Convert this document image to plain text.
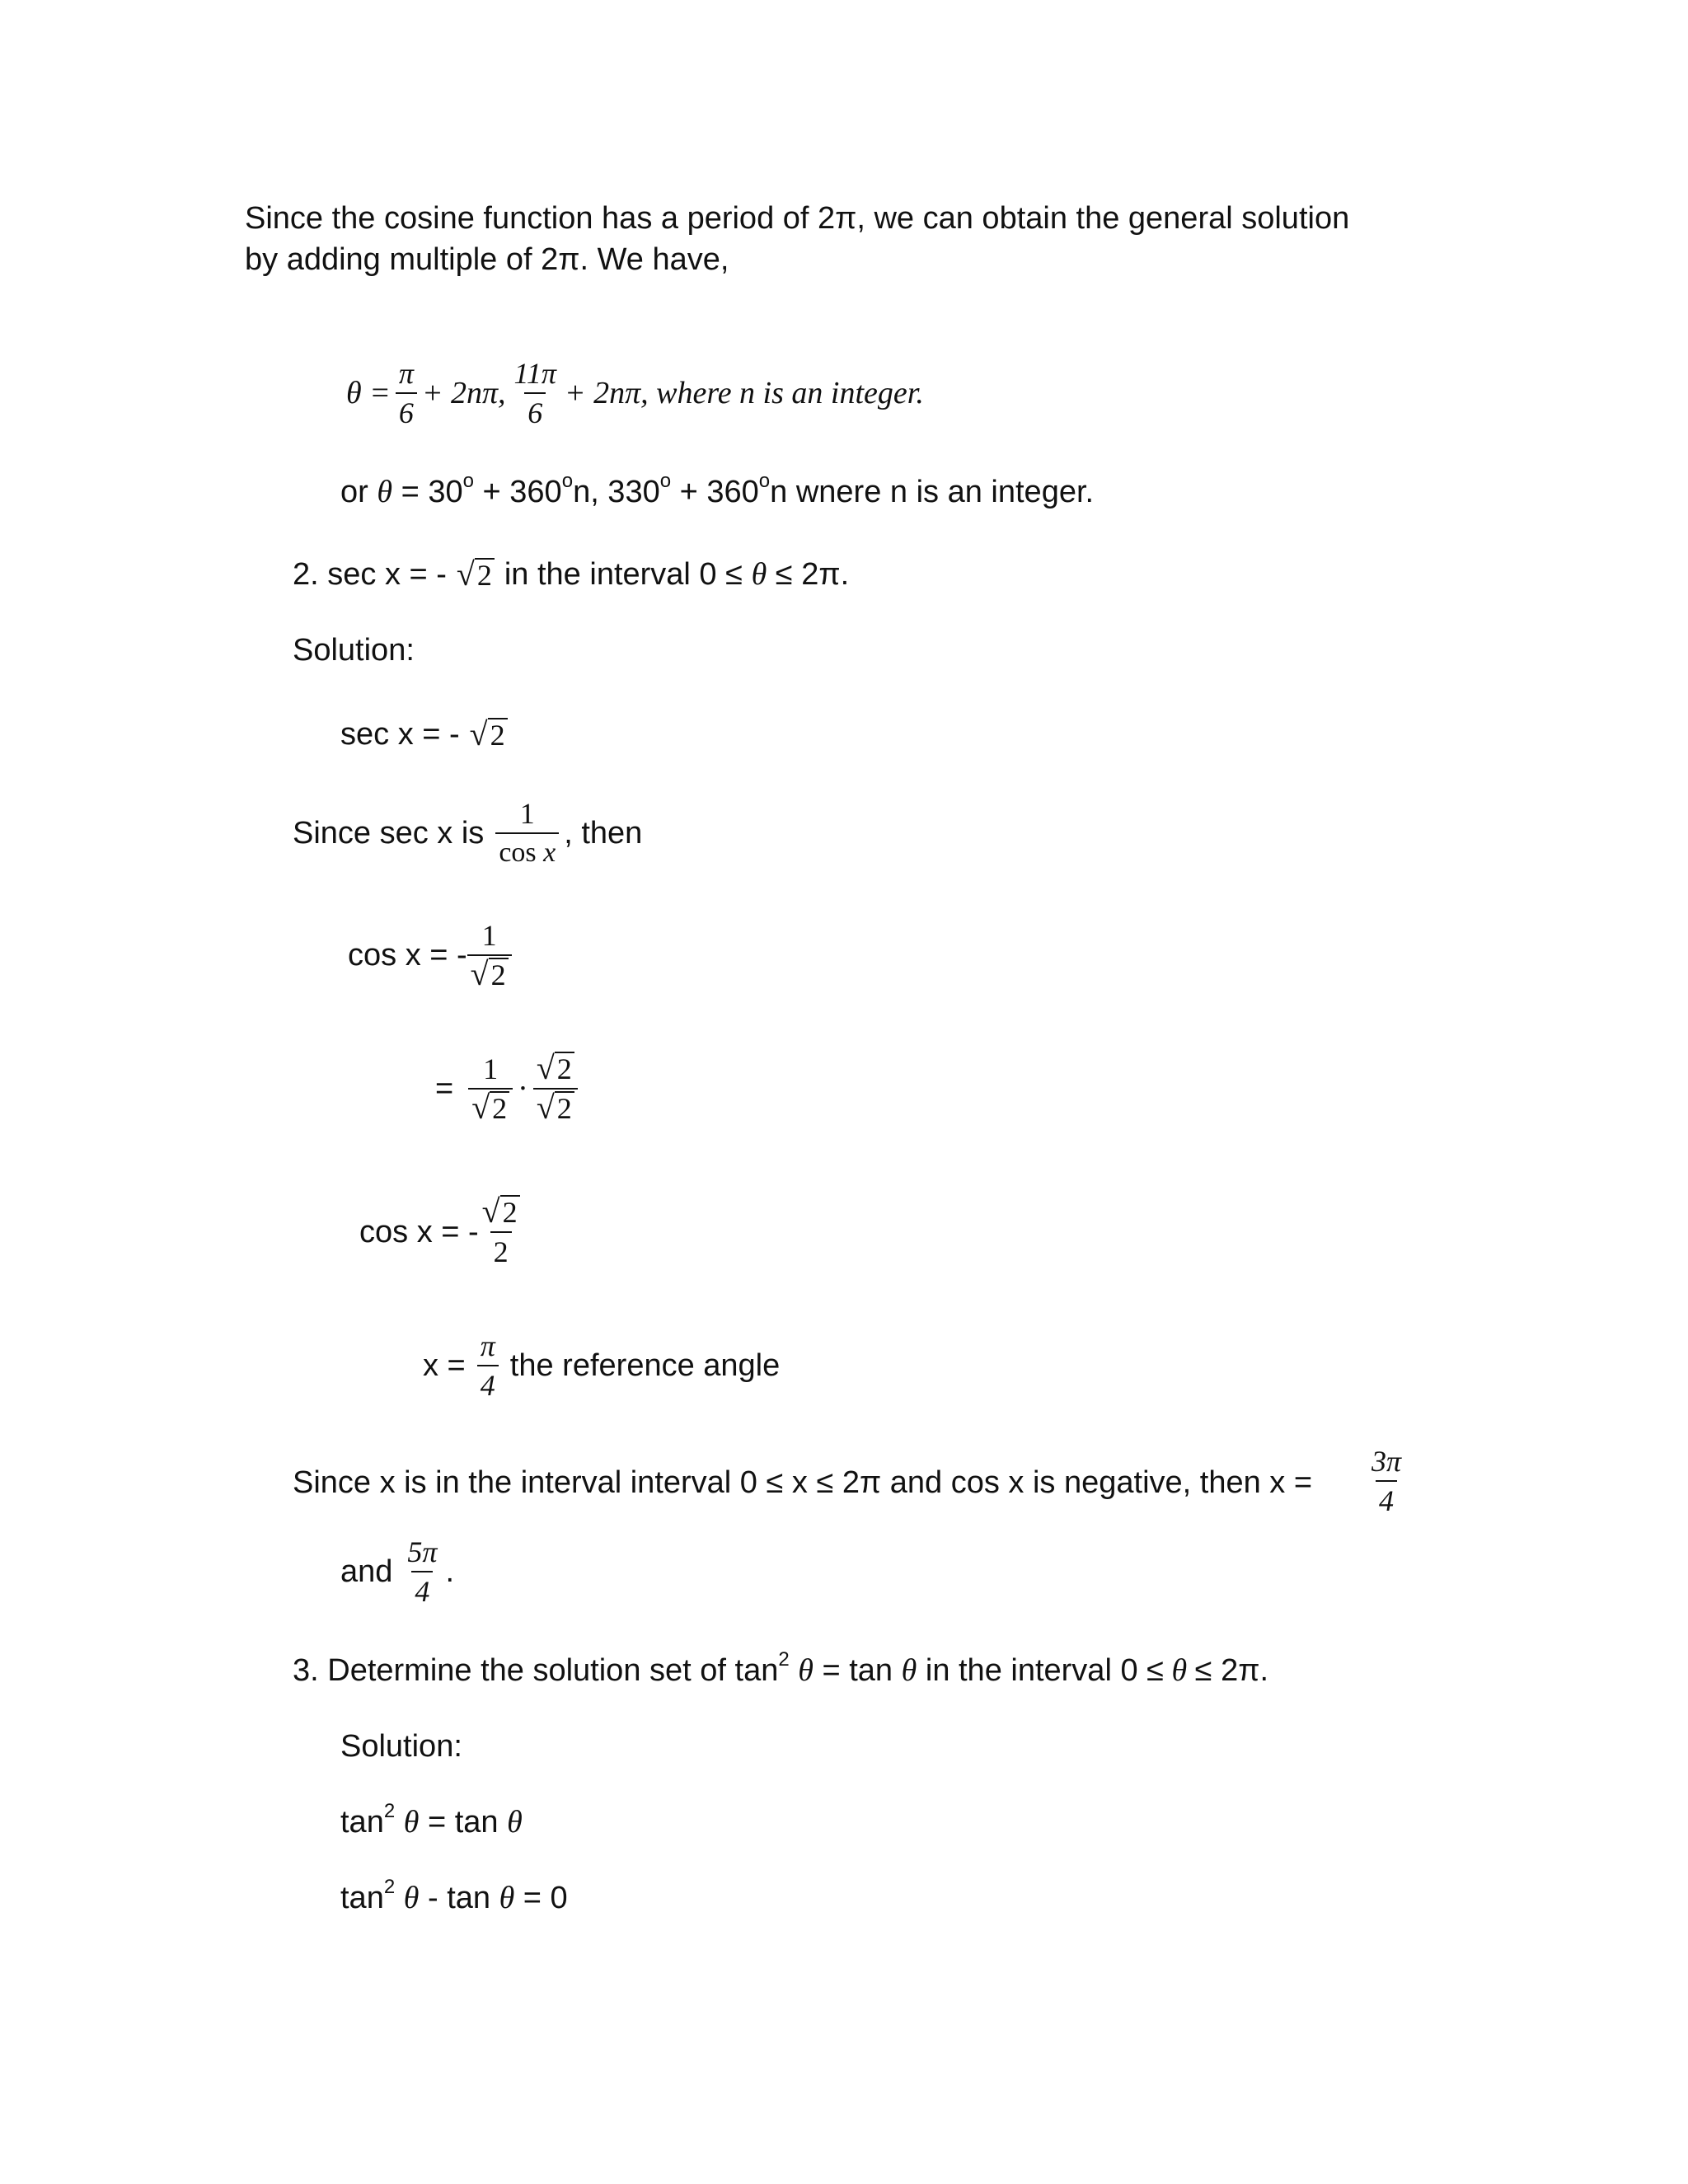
Since the cosine function has a period of 2π, we can obtain the general solution
by adding multiple of 2π. We have,
$\theta = \frac{\pi}{6} + 2n\pi$, $\frac{11\pi}{6} + 2n\pi$, where n is an integer.
or $\theta = 30^o + 360^on$, $330^o + 360^on$ wnere n is an integer.
2. sec x = - √ 2 in the interval 0
≤
θ
≤
2π.
Solution:
sec x = - √ 2
Since sec x is $\frac{1}{\text{cos x}}$ , then
cos x = - $\frac{1}{√ 2}$
= $\frac{1}{√ 2} \cdot \frac{√ 2}{√ 2}$
cos x = - $\frac{√ 2}{2}$
$x = \frac{\pi}{4}$ the reference angle
Since x is in the interval interval 0 ≤ x ≤ 2π and cos x is negative, then $x = \frac{3\pi}{4}$
and $\frac{5\pi}{4}$ .
3. Determine the solution set of $\tan^2 \theta = \tan \theta$ in the interval 0 ≤ θ ≤ 2π.
Solution:
$\tan^2 \theta = \tan \theta$
$\tan^2 \theta - \tan \theta = 0$
